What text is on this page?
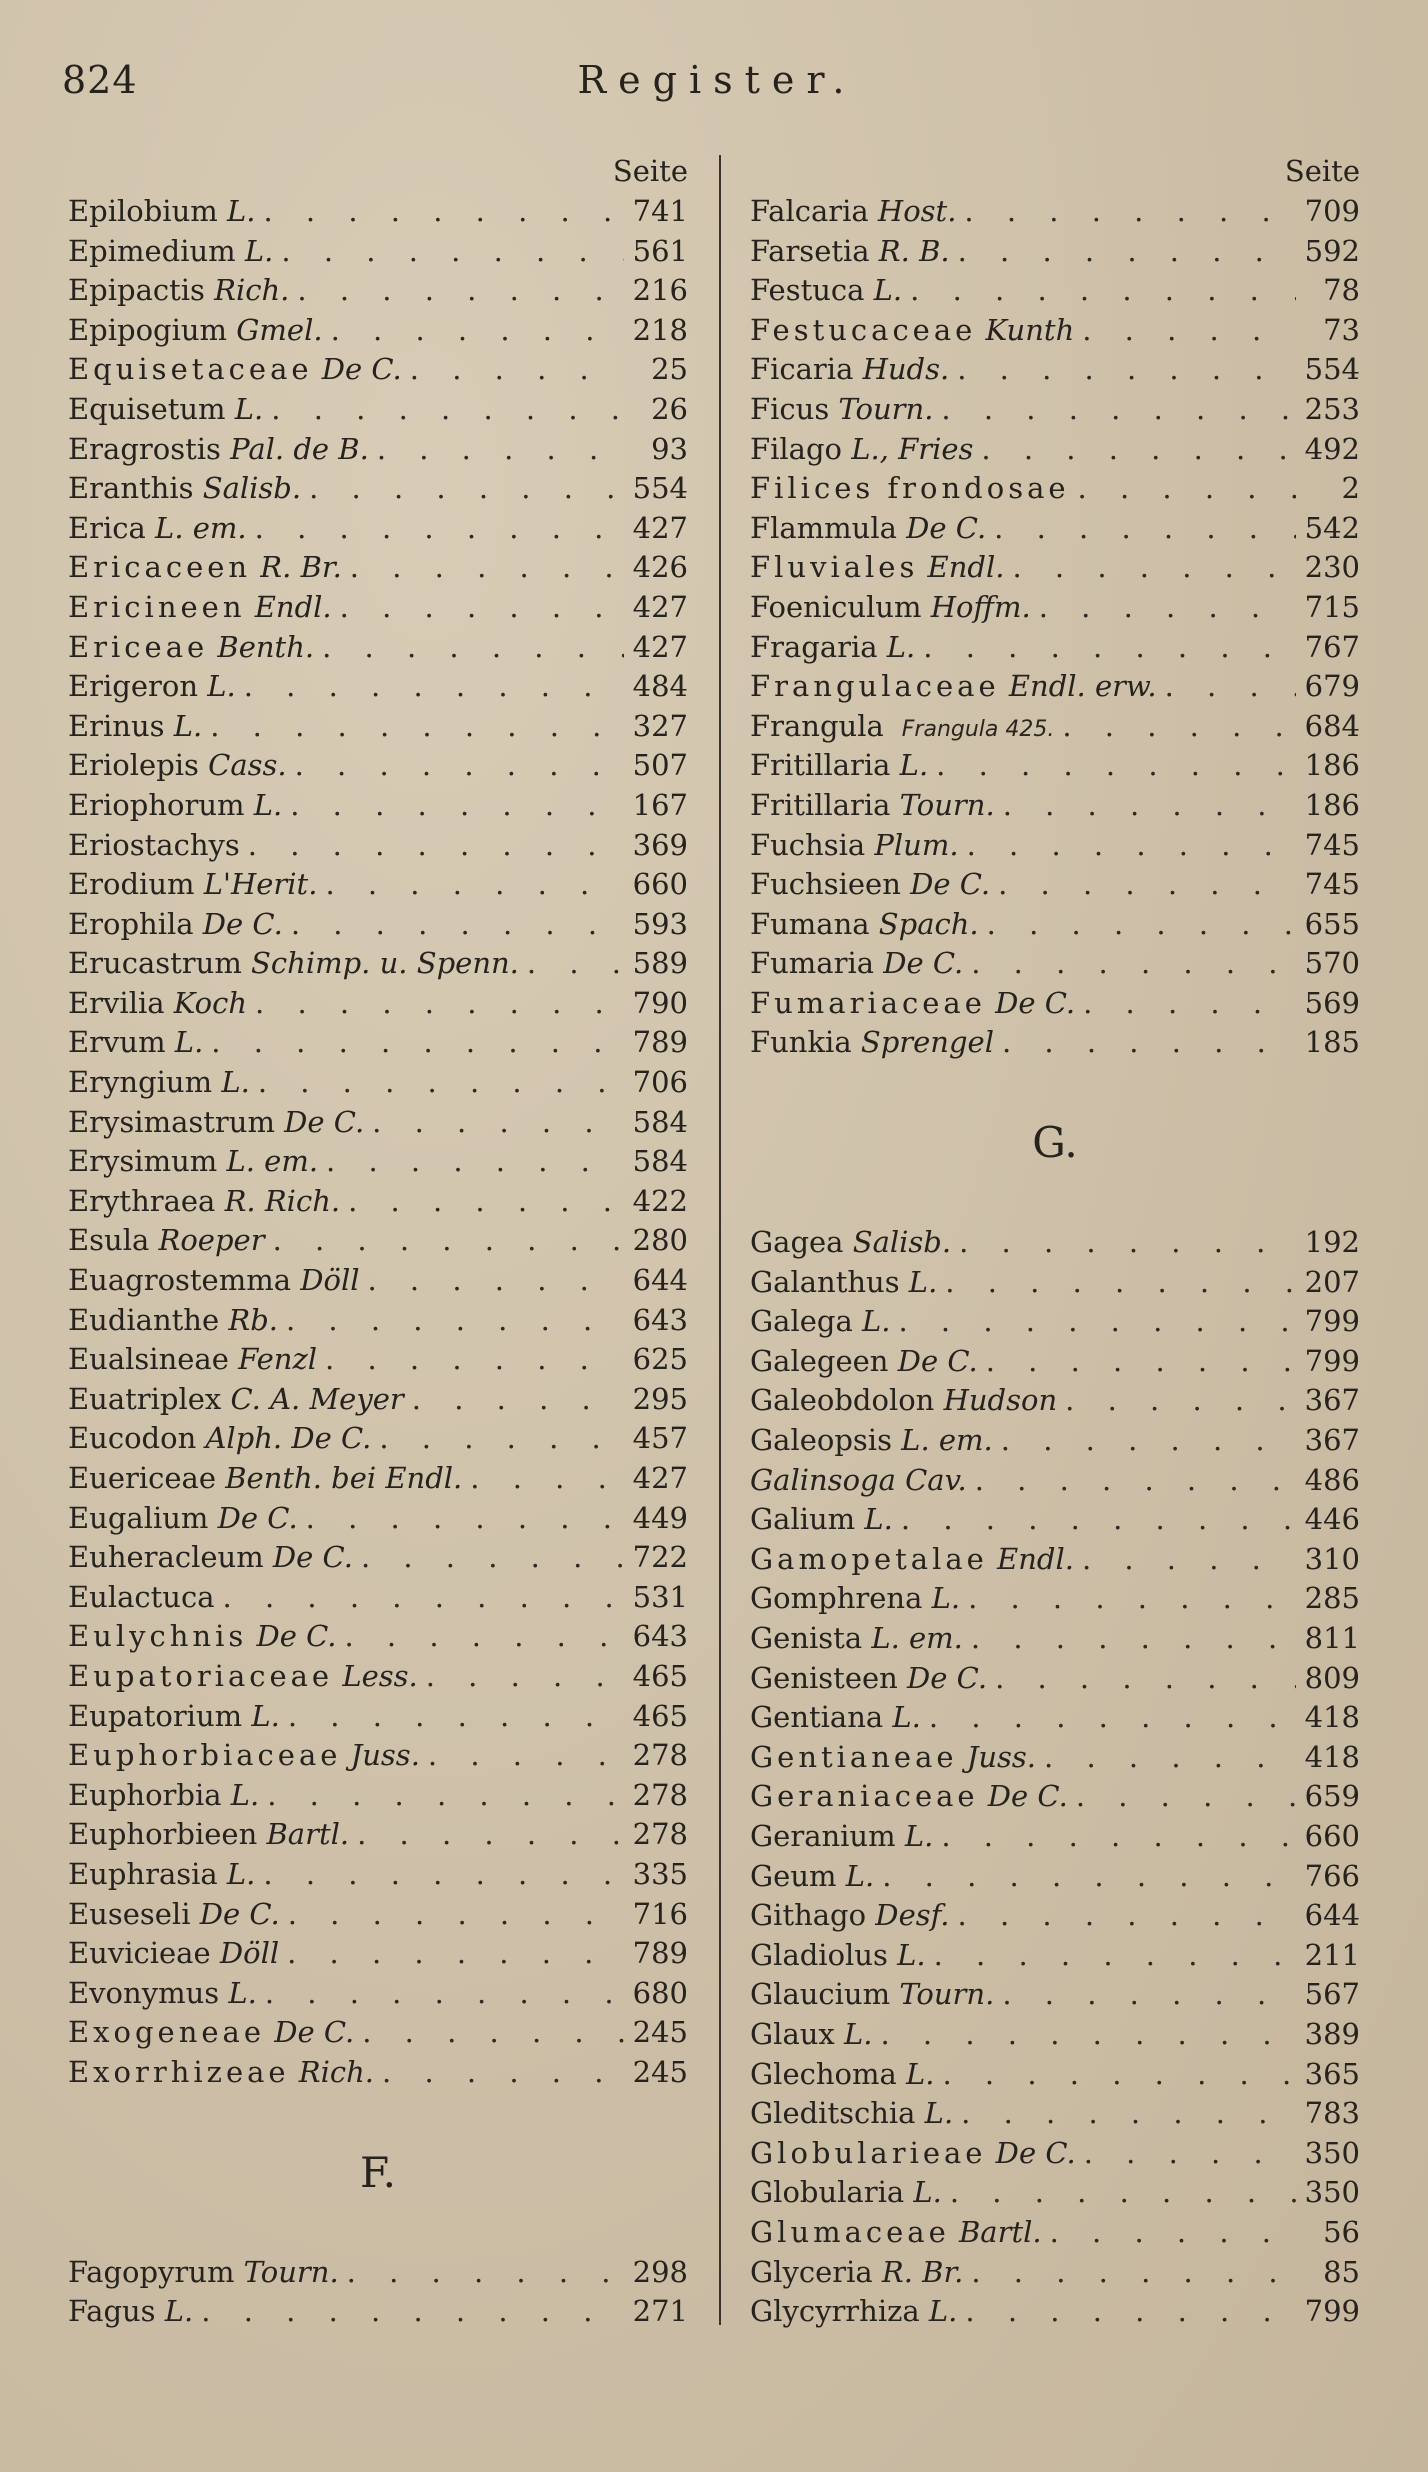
824	Register.
Seite
Epilobium L. . . .	741
Epimedium L. . . .	561
Epipactis Rich. . . .	216
Epipogium Gmel. . . .	218
Equisetaceae De C. . . .	25
Equisetum L. . . .	26
Eragrostis Pal. de B. . . .	93
Eranthis Salisb. . . .	554
Erica L. em. . . .	427
Ericaceen R. Br. . . .	426
Ericineen Endl. . . .	427
Ericeae Benth. . . .	427
Erigeron L. . . .	484
Erinus L. . . .	327
Eriolepis Cass. . . .	507
Eriophorum L. . . .	167
Eriostachys . . .	369
Erodium L'Herit. . . .	660
Erophila De C. . . .	593
Erucastrum Schimp. u. Spenn. . . .	589
Ervilia Koch . . .	790
Ervum L. . . .	789
Eryngium L. . . .	706
Erysimastrum De C. . . .	584
Erysimum L. em. . . .	584
Erythraea R. Rich. . . .	422
Esula Roeper . . .	280
Euagrostemma Döll . . .	644
Eudianthe Rb. . . .	643
Eualsineae Fenzl . . .	625
Euatriplex C. A. Meyer . . .	295
Eucodon Alph. De C. . . .	457
Euericeae Benth. bei Endl. . . .	427
Eugalium De C. . . .	449
Euheracleum De C. . . .	722
Eulactuca . . .	531
Eulychnis De C. . . .	643
Eupatoriaceae Less. . . .	465
Eupatorium L. . . .	465
Euphorbiaceae Juss. . . .	278
Euphorbia L. . . .	278
Euphorbieen Bartl. . . .	278
Euphrasia L. . . .	335
Euseseli De C. . . .	716
Euvicieae Döll . . .	789
Evonymus L. . . .	680
Exogeneae De C. . . .	245
Exorrhizeae Rich. . . .	245
F.
Fagopyrum Tourn. . . .	298
Fagus L. . . .	271
Seite
Falcaria Host. . . .	709
Farsetia R. B. . . .	592
Festuca L. . . .	78
Festucaceae Kunth . . .	73
Ficaria Huds. . . .	554
Ficus Tourn. . . .	253
Filago L., Fries . . .	492
Filices frondosae . . .	2
Flammula De C. . . .	542
Fluviales Endl. . . .	230
Foeniculum Hoffm. . . .	715
Fragaria L. . . .	767
Frangulaceae Endl. erw. . . .	679
Frangula Frangula 425. . . .	684
Fritillaria L. . . .	186
Fritillaria Tourn. . . .	186
Fuchsia Plum. . . .	745
Fuchsieen De C. . . .	745
Fumana Spach. . . .	655
Fumaria De C. . . .	570
Fumariaceae De C. . . .	569
Funkia Sprengel . . .	185
G.
Gagea Salisb. . . .	192
Galanthus L. . . .	207
Galega L. . . .	799
Galegeen De C. . . .	799
Galeobdolon Hudson . . .	367
Galeopsis L. em. . . .	367
Galinsoga Cav. . . .	486
Galium L. . . .	446
Gamopetalae Endl. . . .	310
Gomphrena L. . . .	285
Genista L. em. . . .	811
Genisteen De C. . . .	809
Gentiana L. . . .	418
Gentianeae Juss. . . .	418
Geraniaceae De C. . . .	659
Geranium L. . . .	660
Geum L. . . .	766
Githago Desf. . . .	644
Gladiolus L. . . .	211
Glaucium Tourn. . . .	567
Glaux L. . . .	389
Glechoma L. . . .	365
Gleditschia L. . . .	783
Globularieae De C. . . .	350
Globularia L. . . .	350
Glumaceae Bartl. . . .	56
Glyceria R. Br. . . .	85
Glycyrrhiza L. . . .	799
